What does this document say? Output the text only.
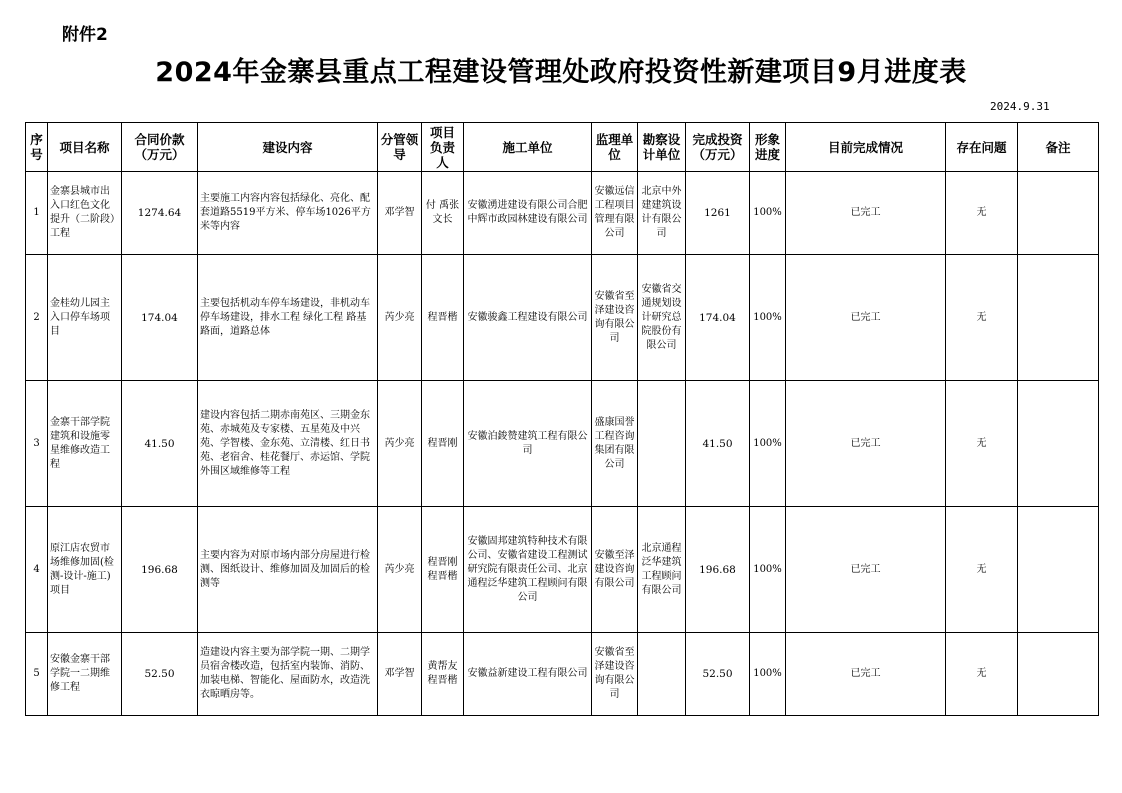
附件2
2024年金寨县重点工程建设管理处政府投资性新建项目9月进度表
2024.9.31
序号	项目名称	合同价款（万元）	建设内容	分管领导	项目负责人	施工单位	监理单位	勘察设计单位	完成投资（万元）	形象进度	目前完成情况	存在问题	备注
1	金寨县城市出入口红色文化提升（二阶段）工程	1274.64	主要施工内容内容包括绿化、亮化、配套道路5519平方米、停车场1026平方米等内容	邓学智	付 禹张文长	安徽湧进建设有限公司合肥中辉市政园林建设有限公司	安徽远信工程项目管理有限公司	北京中外建建筑设计有限公司	1261	100%	已完工	无	
2	金桂幼儿园主入口停车场项目	174.04	主要包括机动车停车场建设，非机动车停车场建设，排水工程 绿化工程 路基路面，道路总体	芮少亮	程晋楷	安徽骏鑫工程建设有限公司	安徽省至泽建设咨询有限公司	安徽省交通规划设计研究总院股份有限公司	174.04	100%	已完工	无	
3	金寨干部学院建筑和设施零星维修改造工程	41.50	建设内容包括二期赤南苑区、三期金东苑、赤城苑及专家楼、五星苑及中兴苑、学智楼、金东苑、立清楼、红日书苑、老宿舍、桂花餐厅、赤运馆、学院外围区域维修等工程	芮少亮	程晋刚	安徽泊鋑赞建筑工程有限公司	盛康国誉工程咨询集团有限公司		41.50	100%	已完工	无	
4	原江店农贸市场维修加固(检测-设计-施工)项目	196.68	主要内容为对原市场内部分房屋进行检测、图纸设计、维修加固及加固后的检测等	芮少亮	程晋刚程晋楷	安徽固邦建筑特种技术有限公司、安徽省建设工程测试研究院有限责任公司、北京通程泛华建筑工程顾问有限公司	安徽至泽建设咨询有限公司	北京通程泛华建筑工程顾问有限公司	196.68	100%	已完工	无	
5	安徽金寨干部学院一二期维修工程	52.50	造建设内容主要为部学院一期、二期学员宿舍楼改造，包括室内装饰、消防、加装电梯、智能化、屋面防水，改造洗衣晾晒房等。	邓学智	黄帮友程晋楷	安徽益新建设工程有限公司	安徽省至泽建设咨询有限公司		52.50	100%	已完工	无	
